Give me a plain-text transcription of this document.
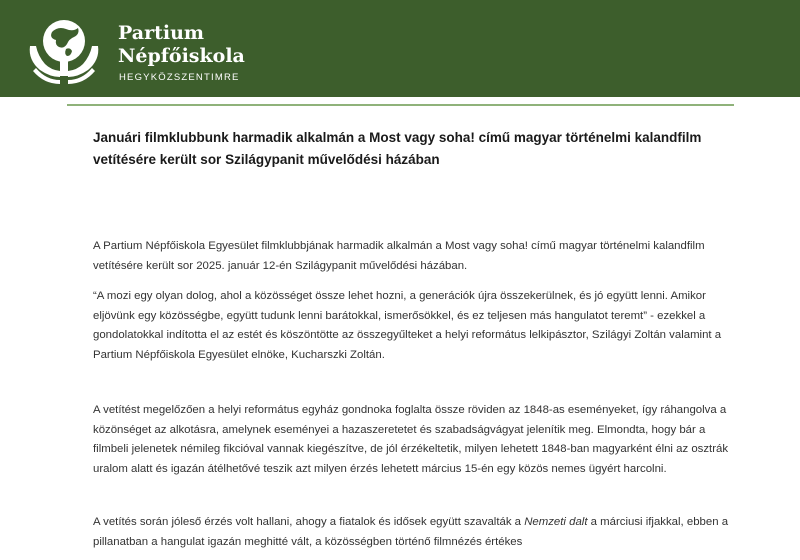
Partium
Népfőiskola
HEGYKÖZSZENTIMRE
Januári filmklubbunk harmadik alkalmán a Most vagy soha! című magyar történelmi kalandfilm vetítésére került sor Szilágypanit művelődési házában

A Partium Népfőiskola Egyesület filmklubbjának harmadik alkalmán a Most vagy soha! című magyar történelmi kalandfilm vetítésére került sor 2025. január 12-én Szilágypanit művelődési házában.

“A mozi egy olyan dolog, ahol a közösséget össze lehet hozni, a generációk újra összekerülnek, és jó együtt lenni. Amikor eljövünk egy közösségbe, együtt tudunk lenni barátokkal, ismerősökkel, és ez teljesen más hangulatot teremt” - ezekkel a gondolatokkal indította el az estét és köszöntötte az összegyűlteket a helyi református lelkipásztor, Szilágyi Zoltán valamint a Partium Népfőiskola Egyesület elnöke, Kucharszki Zoltán.

A vetítést megelőzően a helyi református egyház gondnoka foglalta össze röviden az 1848-as eseményeket, így ráhangolva a közönséget az alkotásra, amelynek eseményei a hazaszeretetet és szabadságvágyat jelenítik meg. Elmondta, hogy bár a filmbeli jelenetek némileg fikcióval vannak kiegészítve, de jól érzékeltetik, milyen lehetett 1848-ban magyarként élni az osztrák uralom alatt és igazán átélhetővé teszik azt milyen érzés lehetett március 15-én egy közös nemes ügyért harcolni.

A vetítés során jóleső érzés volt hallani, ahogy a fiatalok és idősek együtt szavalták a Nemzeti dalt a márciusi ifjakkal, ebben a pillanatban a hangulat igazán meghitté vált, a közösségben történő filmnézés értékes
